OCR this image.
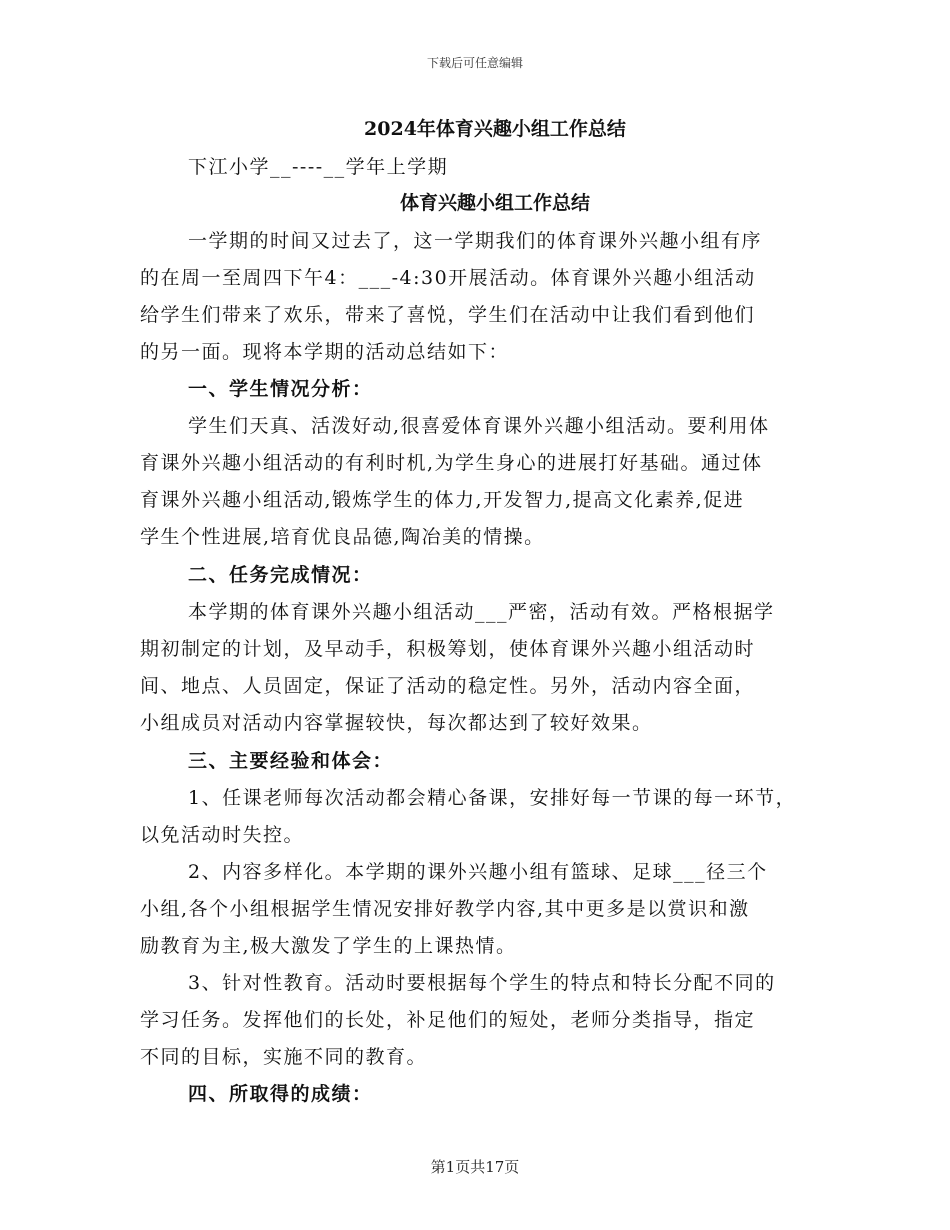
下载后可任意编辑
2024年体育兴趣小组工作总结
下江小学__----__学年上学期
体育兴趣小组工作总结
一学期的时间又过去了，这一学期我们的体育课外兴趣小组有序
的在周一至周四下午4：___-4:30开展活动。体育课外兴趣小组活动
给学生们带来了欢乐，带来了喜悦，学生们在活动中让我们看到他们
的另一面。现将本学期的活动总结如下：
一、学生情况分析：
学生们天真、活泼好动,很喜爱体育课外兴趣小组活动。要利用体
育课外兴趣小组活动的有利时机,为学生身心的进展打好基础。通过体
育课外兴趣小组活动,锻炼学生的体力,开发智力,提高文化素养,促进
学生个性进展,培育优良品德,陶冶美的情操。
二、任务完成情况：
本学期的体育课外兴趣小组活动___严密，活动有效。严格根据学
期初制定的计划，及早动手，积极筹划，使体育课外兴趣小组活动时
间、地点、人员固定，保证了活动的稳定性。另外，活动内容全面，
小组成员对活动内容掌握较快，每次都达到了较好效果。
三、主要经验和体会：
1、任课老师每次活动都会精心备课，安排好每一节课的每一环节，
以免活动时失控。
2、内容多样化。本学期的课外兴趣小组有篮球、足球___径三个
小组,各个小组根据学生情况安排好教学内容,其中更多是以赏识和激
励教育为主,极大激发了学生的上课热情。
3、针对性教育。活动时要根据每个学生的特点和特长分配不同的
学习任务。发挥他们的长处，补足他们的短处，老师分类指导，指定
不同的目标，实施不同的教育。
四、所取得的成绩：
第1页共17页
